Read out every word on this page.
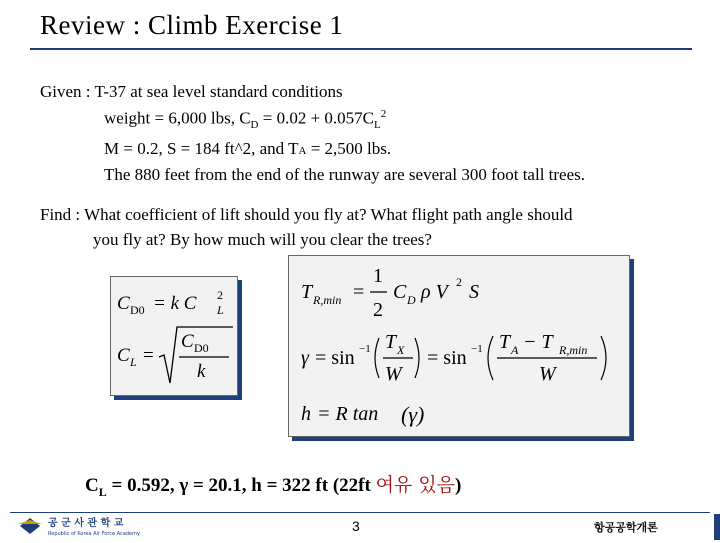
Review : Climb Exercise 1
Given : T-37 at sea level standard conditions
weight = 6,000 lbs, $C_D = 0.02 + 0.057C_L^2$
M = 0.2, S = 184 ft^2, and TA = 2,500 lbs.
The 880 feet from the end of the runway are several 300 foot tall trees.
Find : What coefficient of lift should you fly at? What flight path angle should
you fly at? By how much will you clear the trees?
C D0 = k C L
2
C L =
C D0
k
T R,min =
1
2
C D ρ V 2 S
γ = sin −1 T X
W
= sin −1 T A − T R,min
W
h = R tan (γ)
$C_L = 0.592$, γ = 20.1, h = 322 ft (22ft 여유 있음)
공 군 사 관 학 교
Republic of Korea Air Force Academy	3	항공공학개론
